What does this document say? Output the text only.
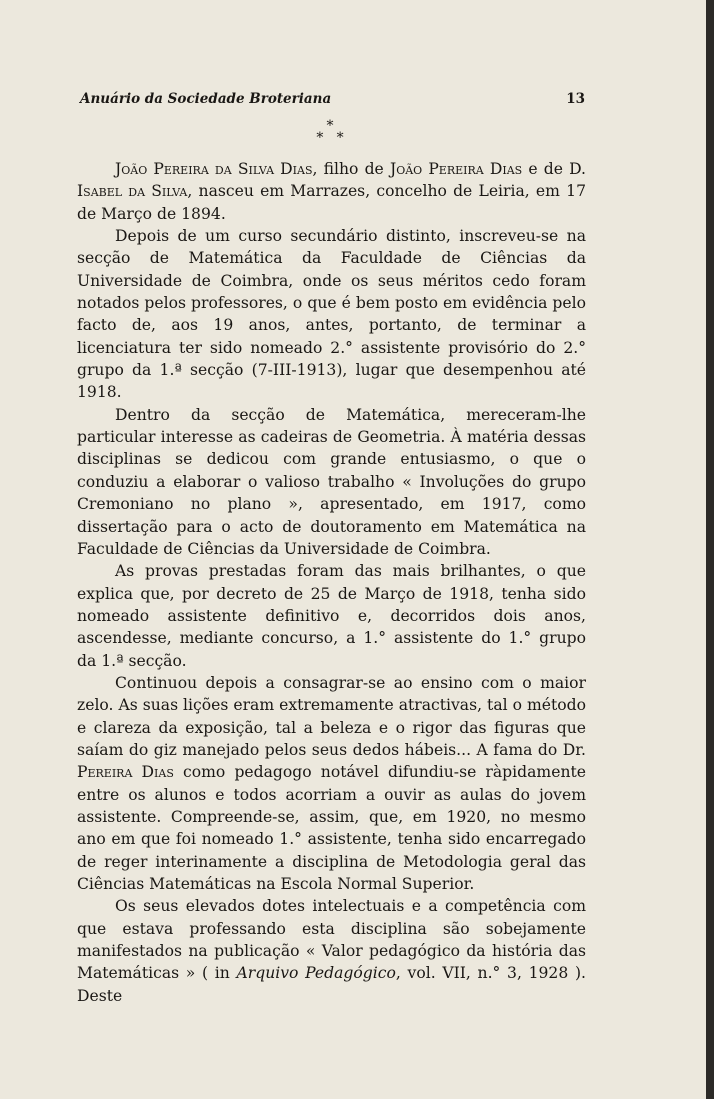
Anuário da Sociedade Broteriana	13
*
*   *

João Pereira da Silva Dias, filho de João Pereira Dias e de D. Isabel da Silva, nasceu em Marrazes, concelho de Leiria, em 17 de Março de 1894.

Depois de um curso secundário distinto, inscreveu-se na secção de Matemática da Faculdade de Ciências da Universidade de Coimbra, onde os seus méritos cedo foram notados pelos professores, o que é bem posto em evidência pelo facto de, aos 19 anos, antes, portanto, de terminar a licenciatura ter sido nomeado 2.° assistente provisório do 2.° grupo da 1.ª secção (7-III-1913), lugar que desempenhou até 1918.

Dentro da secção de Matemática, mereceram-lhe particular interesse as cadeiras de Geometria. À matéria dessas disciplinas se dedicou com grande entusiasmo, o que o conduziu a elaborar o valioso trabalho « Involuções do grupo Cremoniano no plano », apresentado, em 1917, como dissertação para o acto de doutoramento em Matemática na Faculdade de Ciências da Universidade de Coimbra.

As provas prestadas foram das mais brilhantes, o que explica que, por decreto de 25 de Março de 1918, tenha sido nomeado assistente definitivo e, decorridos dois anos, ascendesse, mediante concurso, a 1.° assistente do 1.° grupo da 1.ª secção.

Continuou depois a consagrar-se ao ensino com o maior zelo. As suas lições eram extremamente atractivas, tal o método e clareza da exposição, tal a beleza e o rigor das figuras que saíam do giz manejado pelos seus dedos hábeis... A fama do Dr. Pereira Dias como pedagogo notável difundiu-se ràpidamente entre os alunos e todos acorriam a ouvir as aulas do jovem assistente. Compreende-se, assim, que, em 1920, no mesmo ano em que foi nomeado 1.° assistente, tenha sido encarregado de reger interinamente a disciplina de Metodologia geral das Ciências Matemáticas na Escola Normal Superior.

Os seus elevados dotes intelectuais e a competência com que estava professando esta disciplina são sobejamente manifestados na publicação « Valor pedagógico da história das Matemáticas » ( in Arquivo Pedagógico, vol. VII, n.° 3, 1928 ). Deste
